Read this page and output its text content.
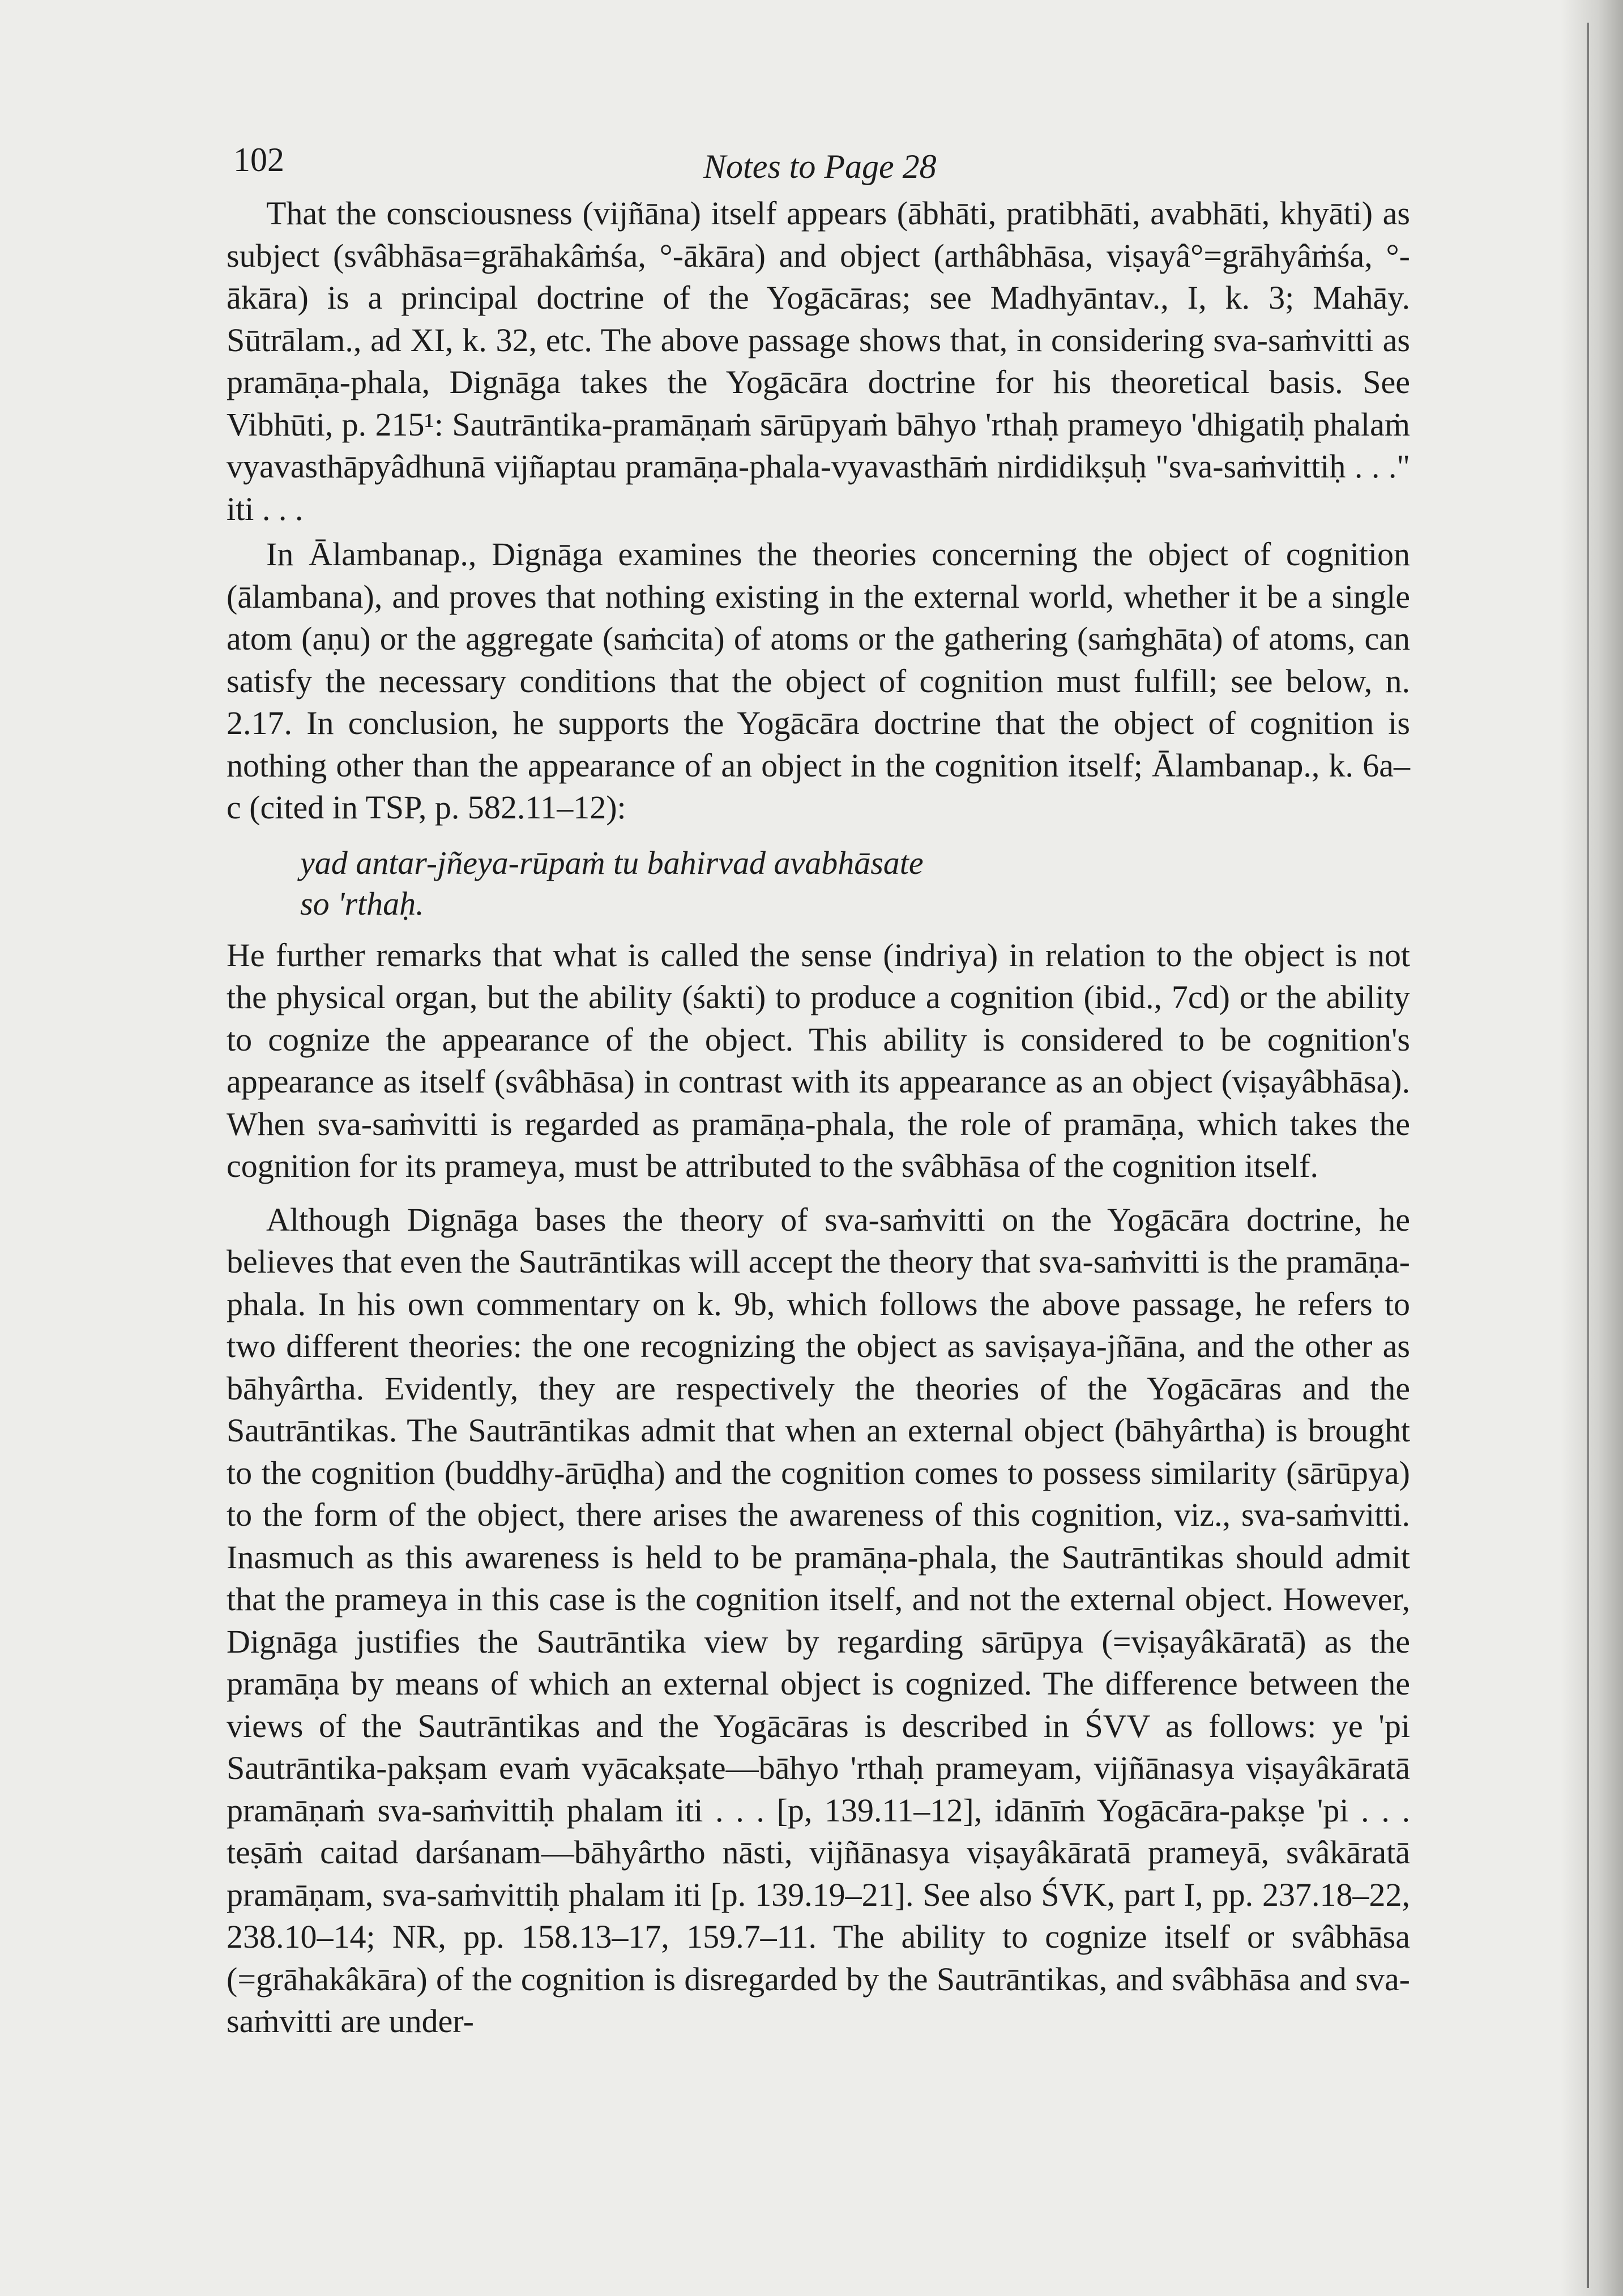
102	Notes to Page 28

That the consciousness (vijñāna) itself appears (ābhāti, pratibhāti, avabhāti, khyāti) as subject (svâbhāsa=grāhakâṁśa, °-ākāra) and object (arthâbhāsa, viṣayâ°=grāhyâṁśa, °-ākāra) is a principal doctrine of the Yogācāras; see Madhyāntav., I, k. 3; Mahāy. Sūtrālam., ad XI, k. 32, etc. The above passage shows that, in considering sva-saṁvitti as pramāṇa-phala, Dignāga takes the Yogācāra doctrine for his theoretical basis. See Vibhūti, p. 215¹: Sautrāntika-pramāṇaṁ sārūpyaṁ bāhyo 'rthaḥ prameyo 'dhigatiḥ phalaṁ vyavasthāpyâdhunā vijñaptau pramāṇa-phala-vyavasthāṁ nirdidikṣuḥ "sva-saṁvittiḥ . . ." iti . . .

In Ālambanap., Dignāga examines the theories concerning the object of cognition (ālambana), and proves that nothing existing in the external world, whether it be a single atom (aṇu) or the aggregate (saṁcita) of atoms or the gathering (saṁghāta) of atoms, can satisfy the necessary conditions that the object of cognition must fulfill; see below, n. 2.17. In conclusion, he supports the Yogācāra doctrine that the object of cognition is nothing other than the appearance of an object in the cognition itself; Ālambanap., k. 6a–c (cited in TSP, p. 582.11–12):

yad antar-jñeya-rūpaṁ tu bahirvad avabhāsate
so 'rthaḥ.

He further remarks that what is called the sense (indriya) in relation to the object is not the physical organ, but the ability (śakti) to produce a cognition (ibid., 7cd) or the ability to cognize the appearance of the object. This ability is considered to be cognition's appearance as itself (svâbhāsa) in contrast with its appearance as an object (viṣayâbhāsa). When sva-saṁvitti is regarded as pramāṇa-phala, the role of pramāṇa, which takes the cognition for its prameya, must be attributed to the svâbhāsa of the cognition itself.

Although Dignāga bases the theory of sva-saṁvitti on the Yogācāra doctrine, he believes that even the Sautrāntikas will accept the theory that sva-saṁvitti is the pramāṇa-phala. In his own commentary on k. 9b, which follows the above passage, he refers to two different theories: the one recognizing the object as saviṣaya-jñāna, and the other as bāhyârtha. Evidently, they are respectively the theories of the Yogācāras and the Sautrāntikas. The Sautrāntikas admit that when an external object (bāhyârtha) is brought to the cognition (buddhy-ārūḍha) and the cognition comes to possess similarity (sārūpya) to the form of the object, there arises the awareness of this cognition, viz., sva-saṁvitti. Inasmuch as this awareness is held to be pramāṇa-phala, the Sautrāntikas should admit that the prameya in this case is the cognition itself, and not the external object. However, Dignāga justifies the Sautrāntika view by regarding sārūpya (=viṣayâkāratā) as the pramāṇa by means of which an external object is cognized. The difference between the views of the Sautrāntikas and the Yogācāras is described in ŚVV as follows: ye 'pi Sautrāntika-pakṣam evaṁ vyācakṣate—bāhyo 'rthaḥ prameyam, vijñānasya viṣayâkāratā pramāṇaṁ sva-saṁvittiḥ phalam iti . . . [p, 139.11–12], idānīṁ Yogācāra-pakṣe 'pi . . . teṣāṁ caitad darśanam—bāhyârtho nāsti, vijñānasya viṣayâkāratā prameyā, svâkāratā pramāṇam, sva-saṁvittiḥ phalam iti [p. 139.19–21]. See also ŚVK, part I, pp. 237.18–22, 238.10–14; NR, pp. 158.13–17, 159.7–11. The ability to cognize itself or svâbhāsa (=grāhakâkāra) of the cognition is disregarded by the Sautrāntikas, and svâbhāsa and sva-saṁvitti are under-
